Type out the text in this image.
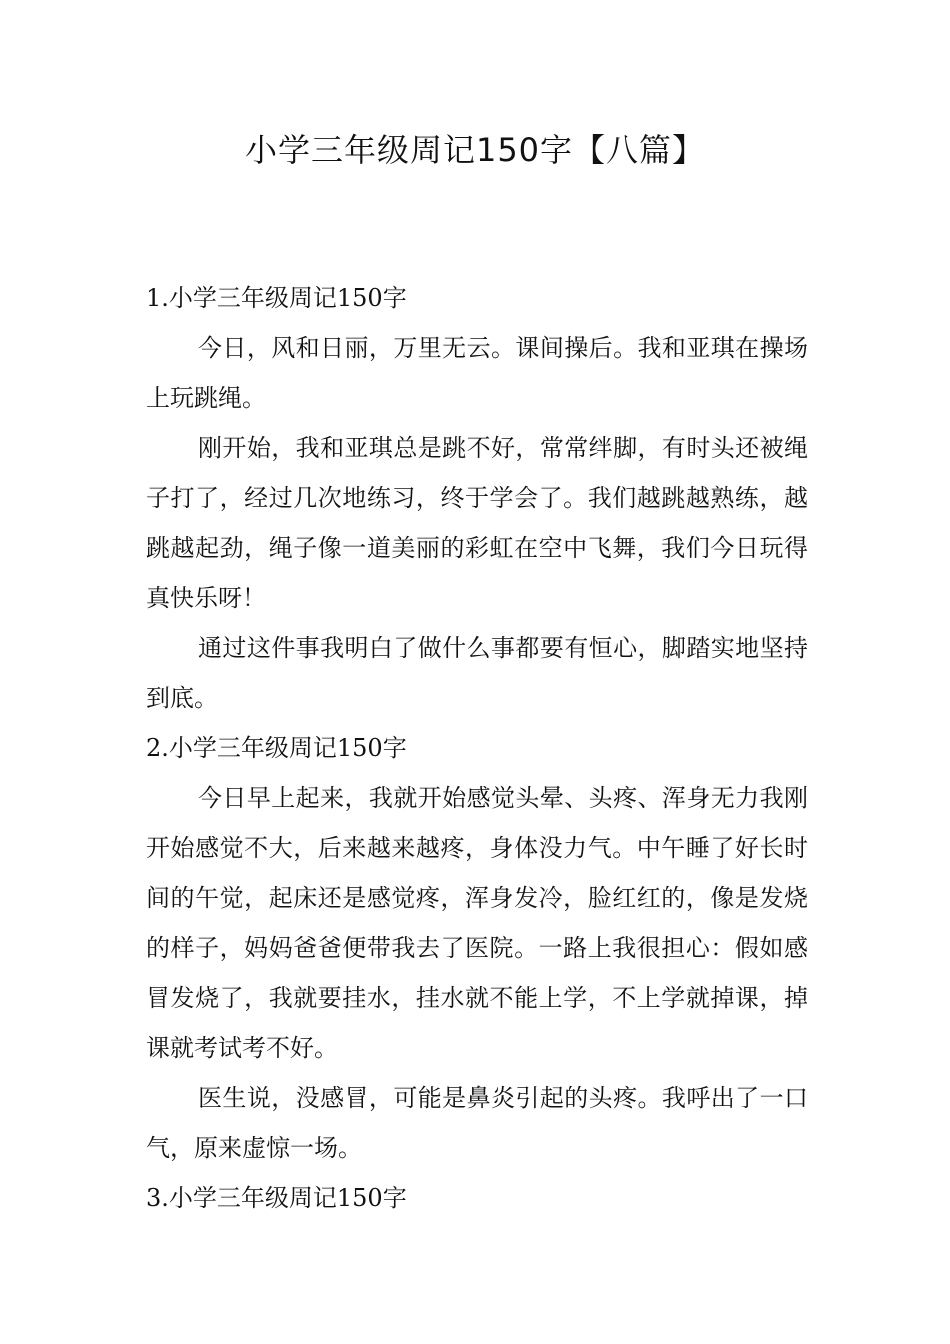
小学三年级周记150字【八篇】

1.小学三年级周记150字

今日，风和日丽，万里无云。课间操后。我和亚琪在操场上玩跳绳。

刚开始，我和亚琪总是跳不好，常常绊脚，有时头还被绳子打了，经过几次地练习，终于学会了。我们越跳越熟练，越跳越起劲，绳子像一道美丽的彩虹在空中飞舞，我们今日玩得真快乐呀！

通过这件事我明白了做什么事都要有恒心，脚踏实地坚持到底。

2.小学三年级周记150字

今日早上起来，我就开始感觉头晕、头疼、浑身无力我刚开始感觉不大，后来越来越疼，身体没力气。中午睡了好长时间的午觉，起床还是感觉疼，浑身发冷，脸红红的，像是发烧的样子，妈妈爸爸便带我去了医院。一路上我很担心：假如感冒发烧了，我就要挂水，挂水就不能上学，不上学就掉课，掉课就考试考不好。

医生说，没感冒，可能是鼻炎引起的头疼。我呼出了一口气，原来虚惊一场。

3.小学三年级周记150字
